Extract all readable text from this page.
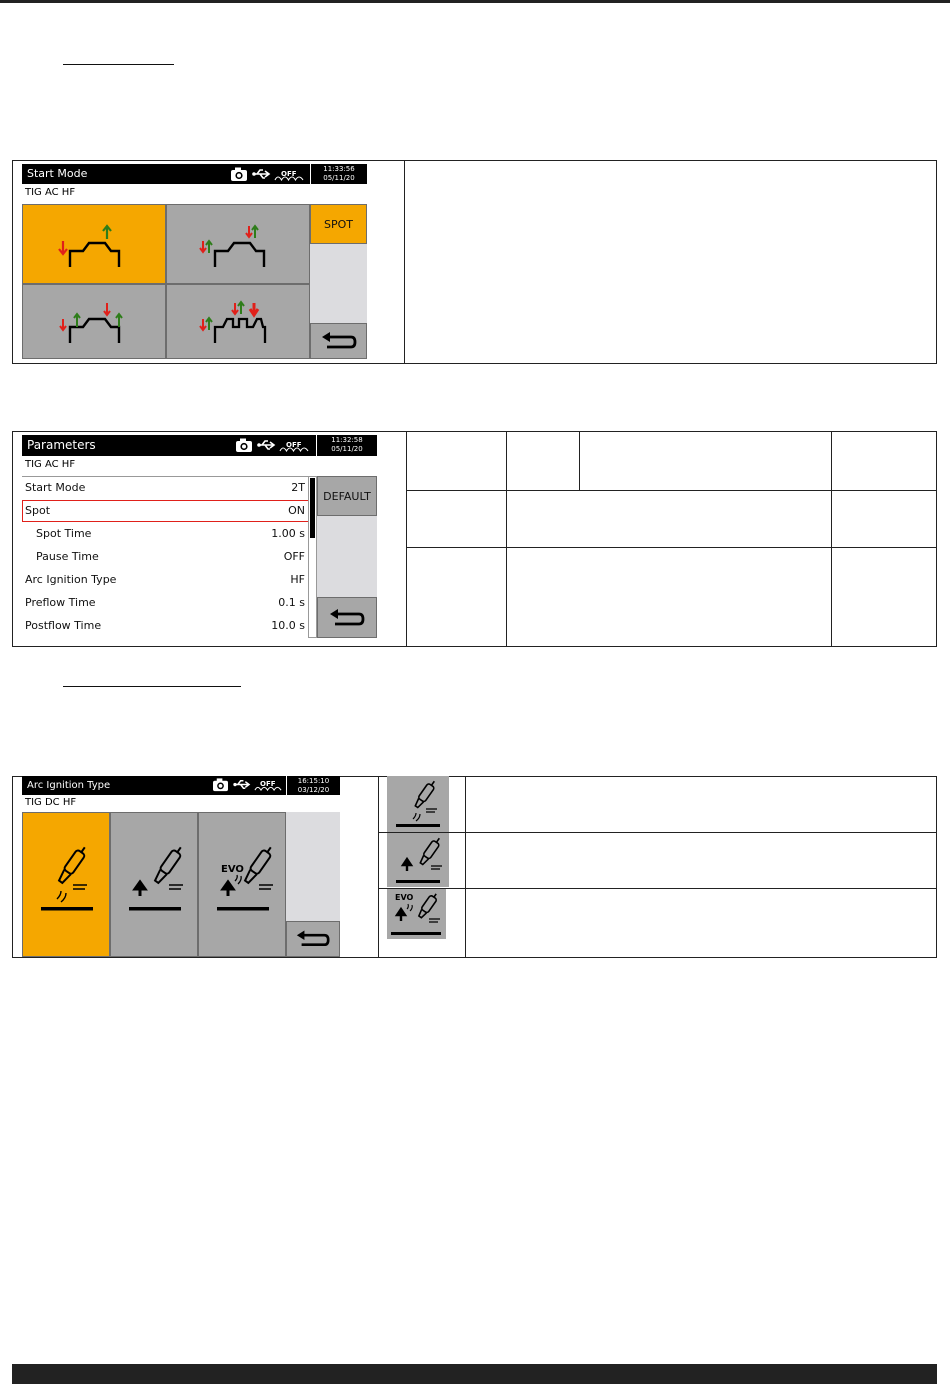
Start Mode	OFF
11:33:56
05/11/20
TIG AC HF
SPOT
Parameters	OFF
11:32:58
05/11/20
TIG AC HF
Start Mode	2T
Spot	ON
Spot Time	1.00 s
Pause Time	OFF
Arc Ignition Type	HF
Preflow Time	0.1 s
Postflow Time	10.0 s
DEFAULT
Arc Ignition Type	OFF	16:15:10
03/12/20
TIG DC HF
EVO
EVO
